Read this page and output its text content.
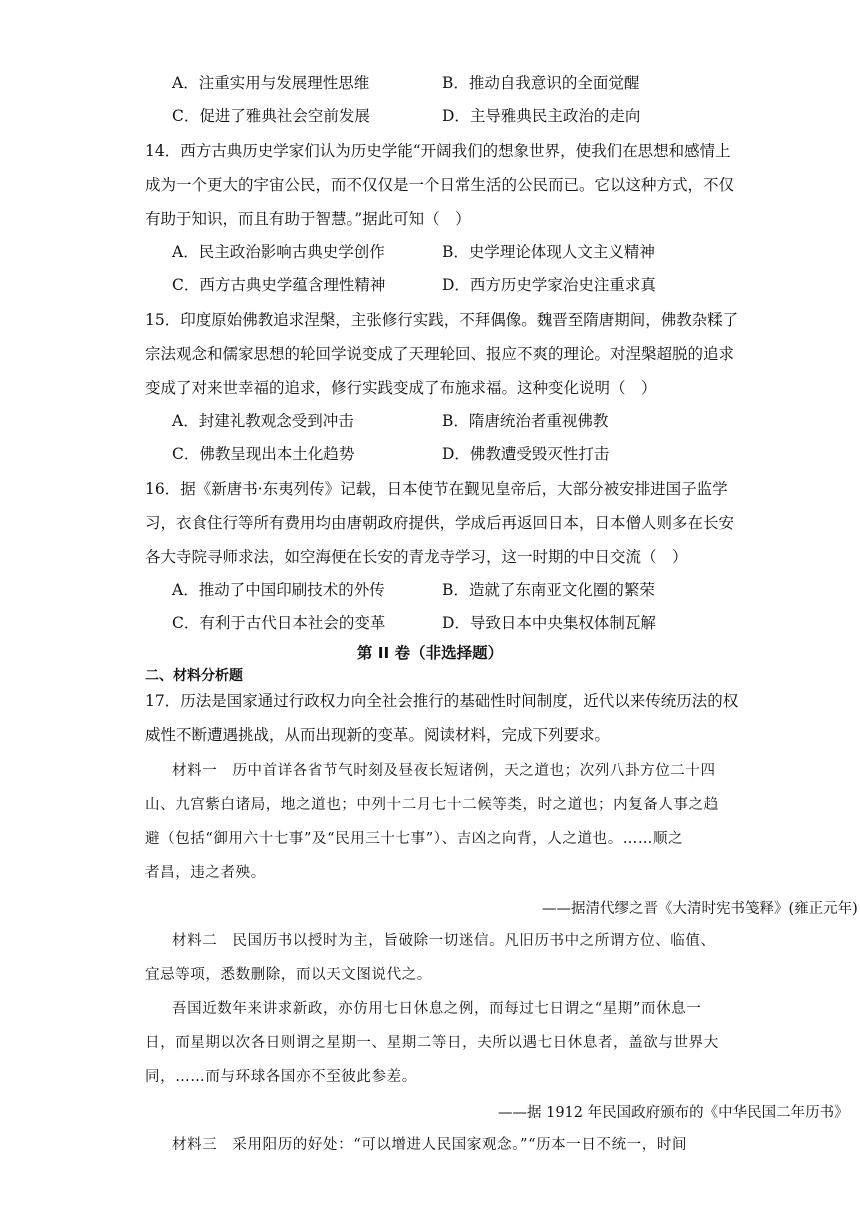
A．注重实用与发展理性思维	B．推动自我意识的全面觉醒
C．促进了雅典社会空前发展	D．主导雅典民主政治的走向
14．西方古典历史学家们认为历史学能“开阔我们的想象世界，使我们在思想和感情上
成为一个更大的宇宙公民，而不仅仅是一个日常生活的公民而已。它以这种方式，不仅
有助于知识，而且有助于智慧。”据此可知（　）
A．民主政治影响古典史学创作	B．史学理论体现人文主义精神
C．西方古典史学蕴含理性精神	D．西方历史学家治史注重求真
15．印度原始佛教追求涅槃，主张修行实践，不拜偶像。魏晋至隋唐期间，佛教杂糅了
宗法观念和儒家思想的轮回学说变成了天理轮回、报应不爽的理论。对涅槃超脱的追求
变成了对来世幸福的追求，修行实践变成了布施求福。这种变化说明（　）
A．封建礼教观念受到冲击	B．隋唐统治者重视佛教
C．佛教呈现出本土化趋势	D．佛教遭受毁灭性打击
16．据《新唐书·东夷列传》记载，日本使节在觐见皇帝后，大部分被安排进国子监学
习，衣食住行等所有费用均由唐朝政府提供，学成后再返回日本，日本僧人则多在长安
各大寺院寻师求法，如空海便在长安的青龙寺学习，这一时期的中日交流（　）
A．推动了中国印刷技术的外传	B．造就了东南亚文化圈的繁荣
C．有利于古代日本社会的变革	D．导致日本中央集权体制瓦解
第 II 卷（非选择题）
二、材料分析题
17．历法是国家通过行政权力向全社会推行的基础性时间制度，近代以来传统历法的权
威性不断遭遇挑战，从而出现新的变革。阅读材料，完成下列要求。
材料一　历中首详各省节气时刻及昼夜长短诸例，天之道也；次列八卦方位二十四
山、九宫紫白诸局，地之道也；中列十二月七十二候等类，时之道也；内复备人事之趋
避（包括“御用六十七事”及“民用三十七事”）、吉凶之向背，人之道也。……顺之
者昌，违之者殃。
——据清代缪之晋《大清时宪书笺释》(雍正元年)
材料二　民国历书以授时为主，旨破除一切迷信。凡旧历书中之所谓方位、临值、
宜忌等项，悉数删除，而以天文图说代之。
吾国近数年来讲求新政，亦仿用七日休息之例，而每过七日谓之“星期”而休息一
日，而星期以次各日则谓之星期一、星期二等日，夫所以遇七日休息者，盖欲与世界大
同，……而与环球各国亦不至彼此参差。
——据 1912 年民国政府颁布的《中华民国二年历书》
材料三　采用阳历的好处：“可以增进人民国家观念。”“历本一日不统一，时间
